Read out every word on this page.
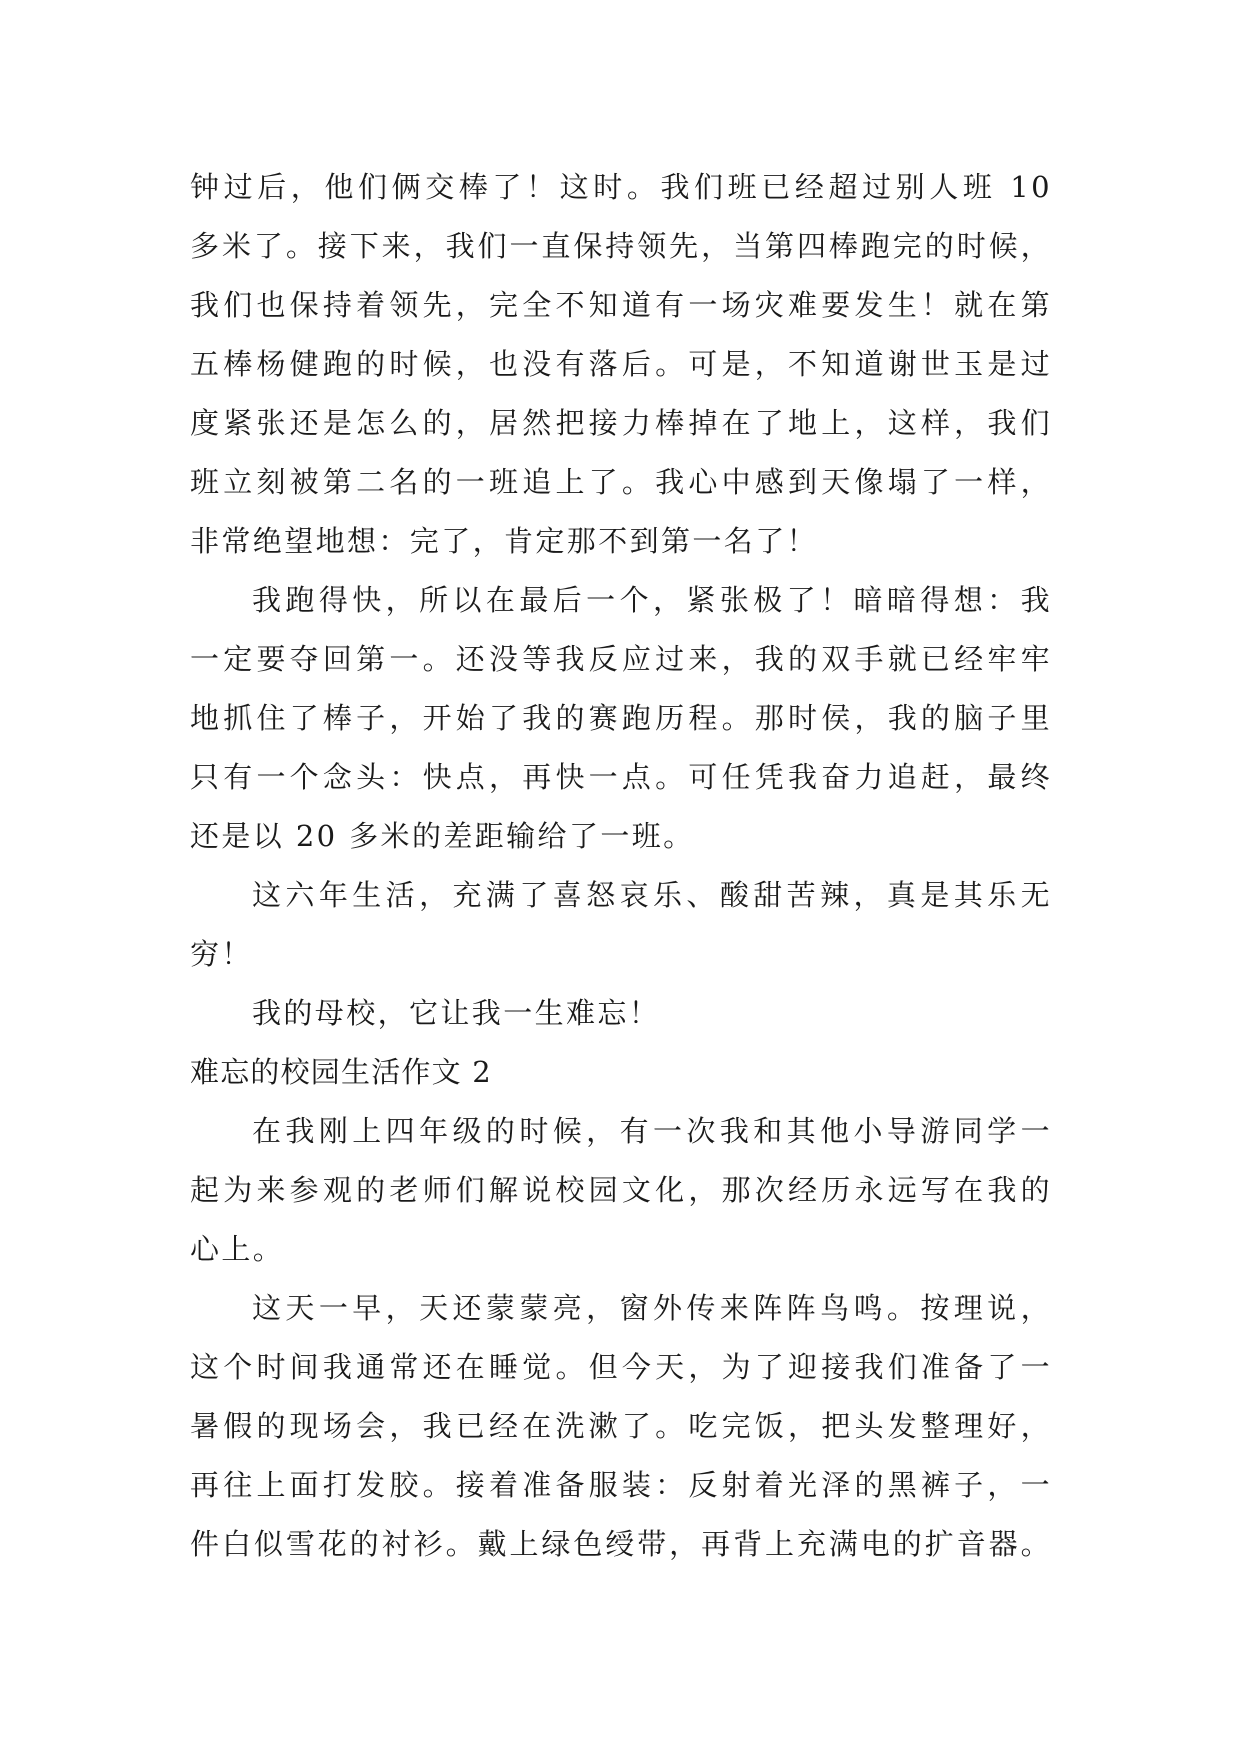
钟过后，他们俩交棒了！这时。我们班已经超过别人班 10
多米了。接下来，我们一直保持领先，当第四棒跑完的时候，
我们也保持着领先，完全不知道有一场灾难要发生！就在第
五棒杨健跑的时候，也没有落后。可是，不知道谢世玉是过
度紧张还是怎么的，居然把接力棒掉在了地上，这样，我们
班立刻被第二名的一班追上了。我心中感到天像塌了一样，
非常绝望地想：完了，肯定那不到第一名了！
我跑得快，所以在最后一个，紧张极了！暗暗得想：我
一定要夺回第一。还没等我反应过来，我的双手就已经牢牢
地抓住了棒子，开始了我的赛跑历程。那时侯，我的脑子里
只有一个念头：快点，再快一点。可任凭我奋力追赶，最终
还是以 20 多米的差距输给了一班。
这六年生活，充满了喜怒哀乐、酸甜苦辣，真是其乐无
穷！
我的母校，它让我一生难忘！
难忘的校园生活作文 2
在我刚上四年级的时候，有一次我和其他小导游同学一
起为来参观的老师们解说校园文化，那次经历永远写在我的
心上。
这天一早，天还蒙蒙亮，窗外传来阵阵鸟鸣。按理说，
这个时间我通常还在睡觉。但今天，为了迎接我们准备了一
暑假的现场会，我已经在洗漱了。吃完饭，把头发整理好，
再往上面打发胶。接着准备服装：反射着光泽的黑裤子，一
件白似雪花的衬衫。戴上绿色绶带，再背上充满电的扩音器。
